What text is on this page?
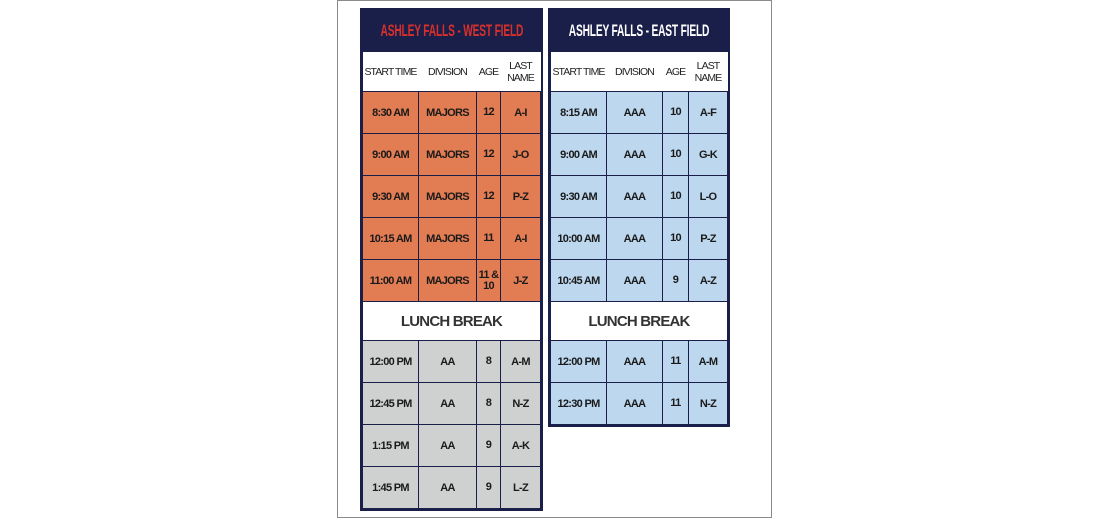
ASHLEY FALLS - WEST FIELD
START TIME	DIVISION	AGE	LAST NAME
8:30 AM	MAJORS	12	A-I
9:00 AM	MAJORS	12	J-O
9:30 AM	MAJORS	12	P-Z
10:15 AM	MAJORS	11	A-I
11:00 AM	MAJORS	11 & 10	J-Z
LUNCH BREAK			
12:00 PM	AA	8	A-M
12:45 PM	AA	8	N-Z
1:15 PM	AA	9	A-K
1:45 PM	AA	9	L-Z
ASHLEY FALLS - EAST FIELD
START TIME	DIVISION	AGE	LAST NAME
8:15 AM	AAA	10	A-F
9:00 AM	AAA	10	G-K
9:30 AM	AAA	10	L-O
10:00 AM	AAA	10	P-Z
10:45 AM	AAA	9	A-Z
LUNCH BREAK			
12:00 PM	AAA	11	A-M
12:30 PM	AAA	11	N-Z
